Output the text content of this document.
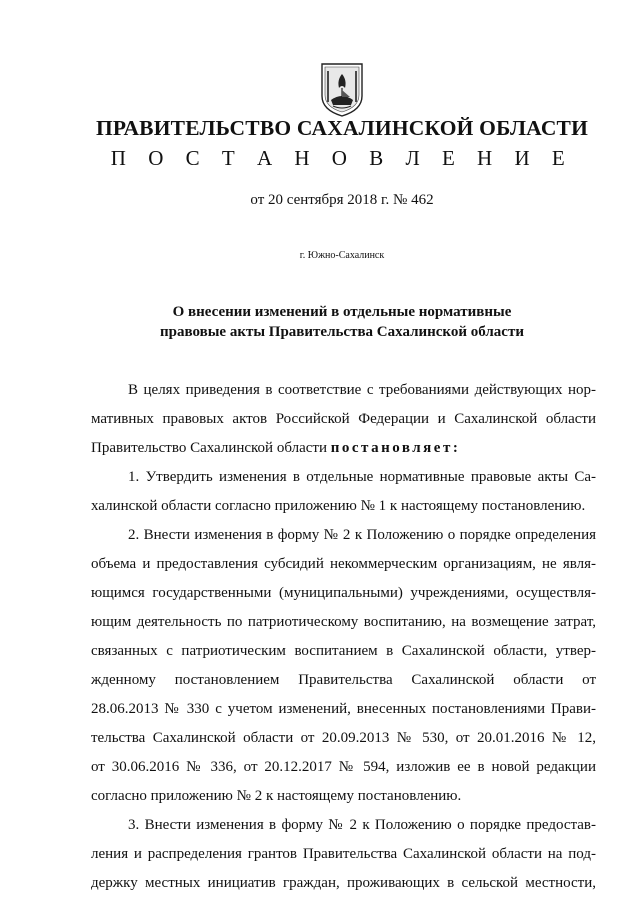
ПРАВИТЕЛЬСТВО САХАЛИНСКОЙ ОБЛАСТИ
П О С Т А Н О В Л Е Н И Е
от 20 сентября 2018 г. № 462
г. Южно-Сахалинск
О внесении изменений в отдельные нормативные
правовые акты Правительства Сахалинской области
В целях приведения в соответствие с требованиями действующих нор-
мативных правовых актов Российской Федерации и Сахалинской области
Правительство Сахалинской области постановляет:
1. Утвердить изменения в отдельные нормативные правовые акты Са-
халинской области согласно приложению № 1 к настоящему постановлению.
2. Внести изменения в форму № 2 к Положению о порядке определения
объема и предоставления субсидий некоммерческим организациям, не явля-
ющимся государственными (муниципальными) учреждениями, осуществля-
ющим деятельность по патриотическому воспитанию, на возмещение затрат,
связанных с патриотическим воспитанием в Сахалинской области, утвер-
жденному постановлением Правительства Сахалинской области от
28.06.2013 № 330 с учетом изменений, внесенных постановлениями Прави-
тельства Сахалинской области от 20.09.2013 № 530, от 20.01.2016 № 12,
от 30.06.2016 № 336, от 20.12.2017 № 594, изложив ее в новой редакции
согласно приложению № 2 к настоящему постановлению.
3. Внести изменения в форму № 2 к Положению о порядке предостав-
ления и распределения грантов Правительства Сахалинской области на под-
держку местных инициатив граждан, проживающих в сельской местности,
